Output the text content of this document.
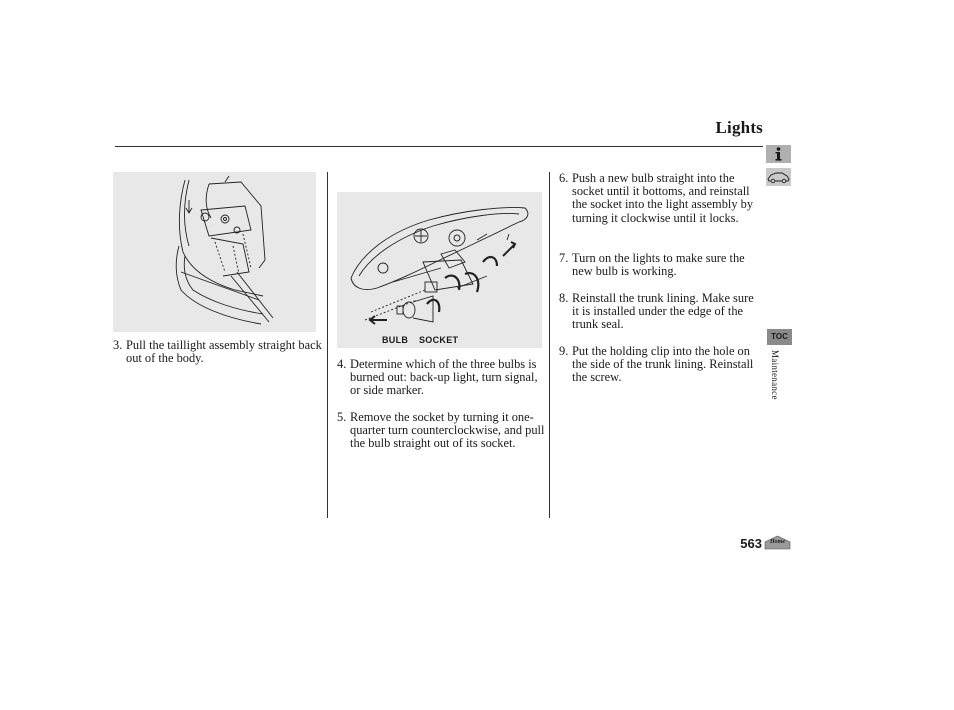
Lights
3. Pull the taillight assembly straight back out of the body.
BULB SOCKET
4. Determine which of the three bulbs is burned out: back-up light, turn signal, or side marker.
5. Remove the socket by turning it one-quarter turn counterclockwise, and pull the bulb straight out of its socket.
6. Push a new bulb straight into the socket until it bottoms, and reinstall the socket into the light assembly by turning it clockwise until it locks.
7. Turn on the lights to make sure the new bulb is working.
8. Reinstall the trunk lining. Make sure it is installed under the edge of the trunk seal.
9. Put the holding clip into the hole on the side of the trunk lining. Reinstall the screw.
TOC
Maintenance
563	Home
